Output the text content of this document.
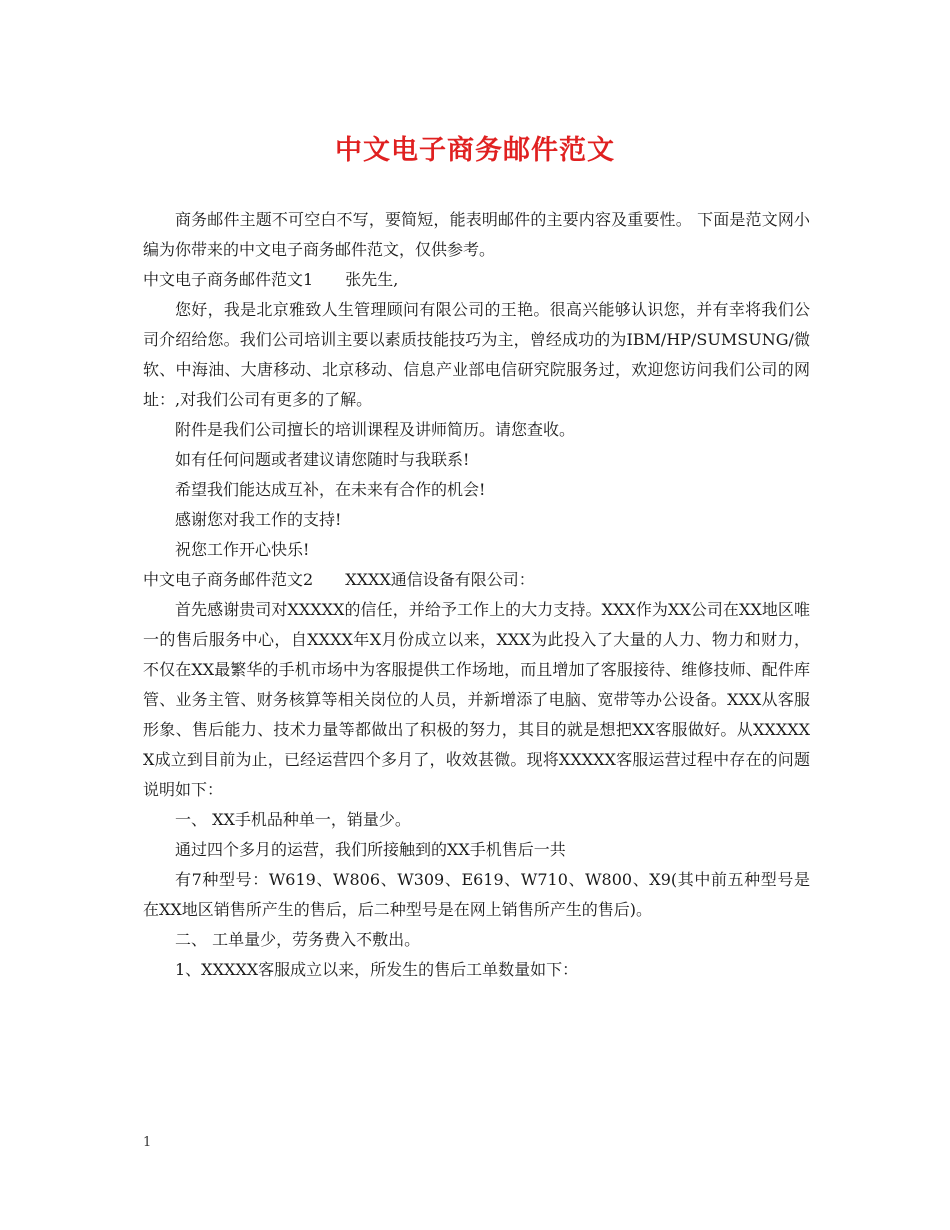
中文电子商务邮件范文

商务邮件主题不可空白不写，要简短，能表明邮件的主要内容及重要性。 下面是范文网小编为你带来的中文电子商务邮件范文，仅供参考。

中文电子商务邮件范文1 张先生,

您好，我是北京雅致人生管理顾问有限公司的王艳。很高兴能够认识您，并有幸将我们公司介绍给您。我们公司培训主要以素质技能技巧为主，曾经成功的为IBM/HP/SUMSUNG/微软、中海油、大唐移动、北京移动、信息产业部电信研究院服务过，欢迎您访问我们公司的网址：,对我们公司有更多的了解。

附件是我们公司擅长的培训课程及讲师简历。请您查收。

如有任何问题或者建议请您随时与我联系!

希望我们能达成互补，在未来有合作的机会!

感谢您对我工作的支持!

祝您工作开心快乐!

中文电子商务邮件范文2 XXXX通信设备有限公司：

首先感谢贵司对XXXXX的信任，并给予工作上的大力支持。XXX作为XX公司在XX地区唯一的售后服务中心，自XXXX年X月份成立以来，XXX为此投入了大量的人力、物力和财力，不仅在XX最繁华的手机市场中为客服提供工作场地，而且增加了客服接待、维修技师、配件库管、业务主管、财务核算等相关岗位的人员，并新增添了电脑、宽带等办公设备。XXX从客服形象、售后能力、技术力量等都做出了积极的努力，其目的就是想把XX客服做好。从XXXXXX成立到目前为止，已经运营四个多月了，收效甚微。现将XXXXX客服运营过程中存在的问题说明如下：

一、 XX手机品种单一，销量少。

通过四个多月的运营，我们所接触到的XX手机售后一共

有7种型号：W619、W806、W309、E619、W710、W800、X9(其中前五种型号是在XX地区销售所产生的售后，后二种型号是在网上销售所产生的售后)。

二、 工单量少，劳务费入不敷出。

1、XXXXX客服成立以来，所发生的售后工单数量如下：

1
